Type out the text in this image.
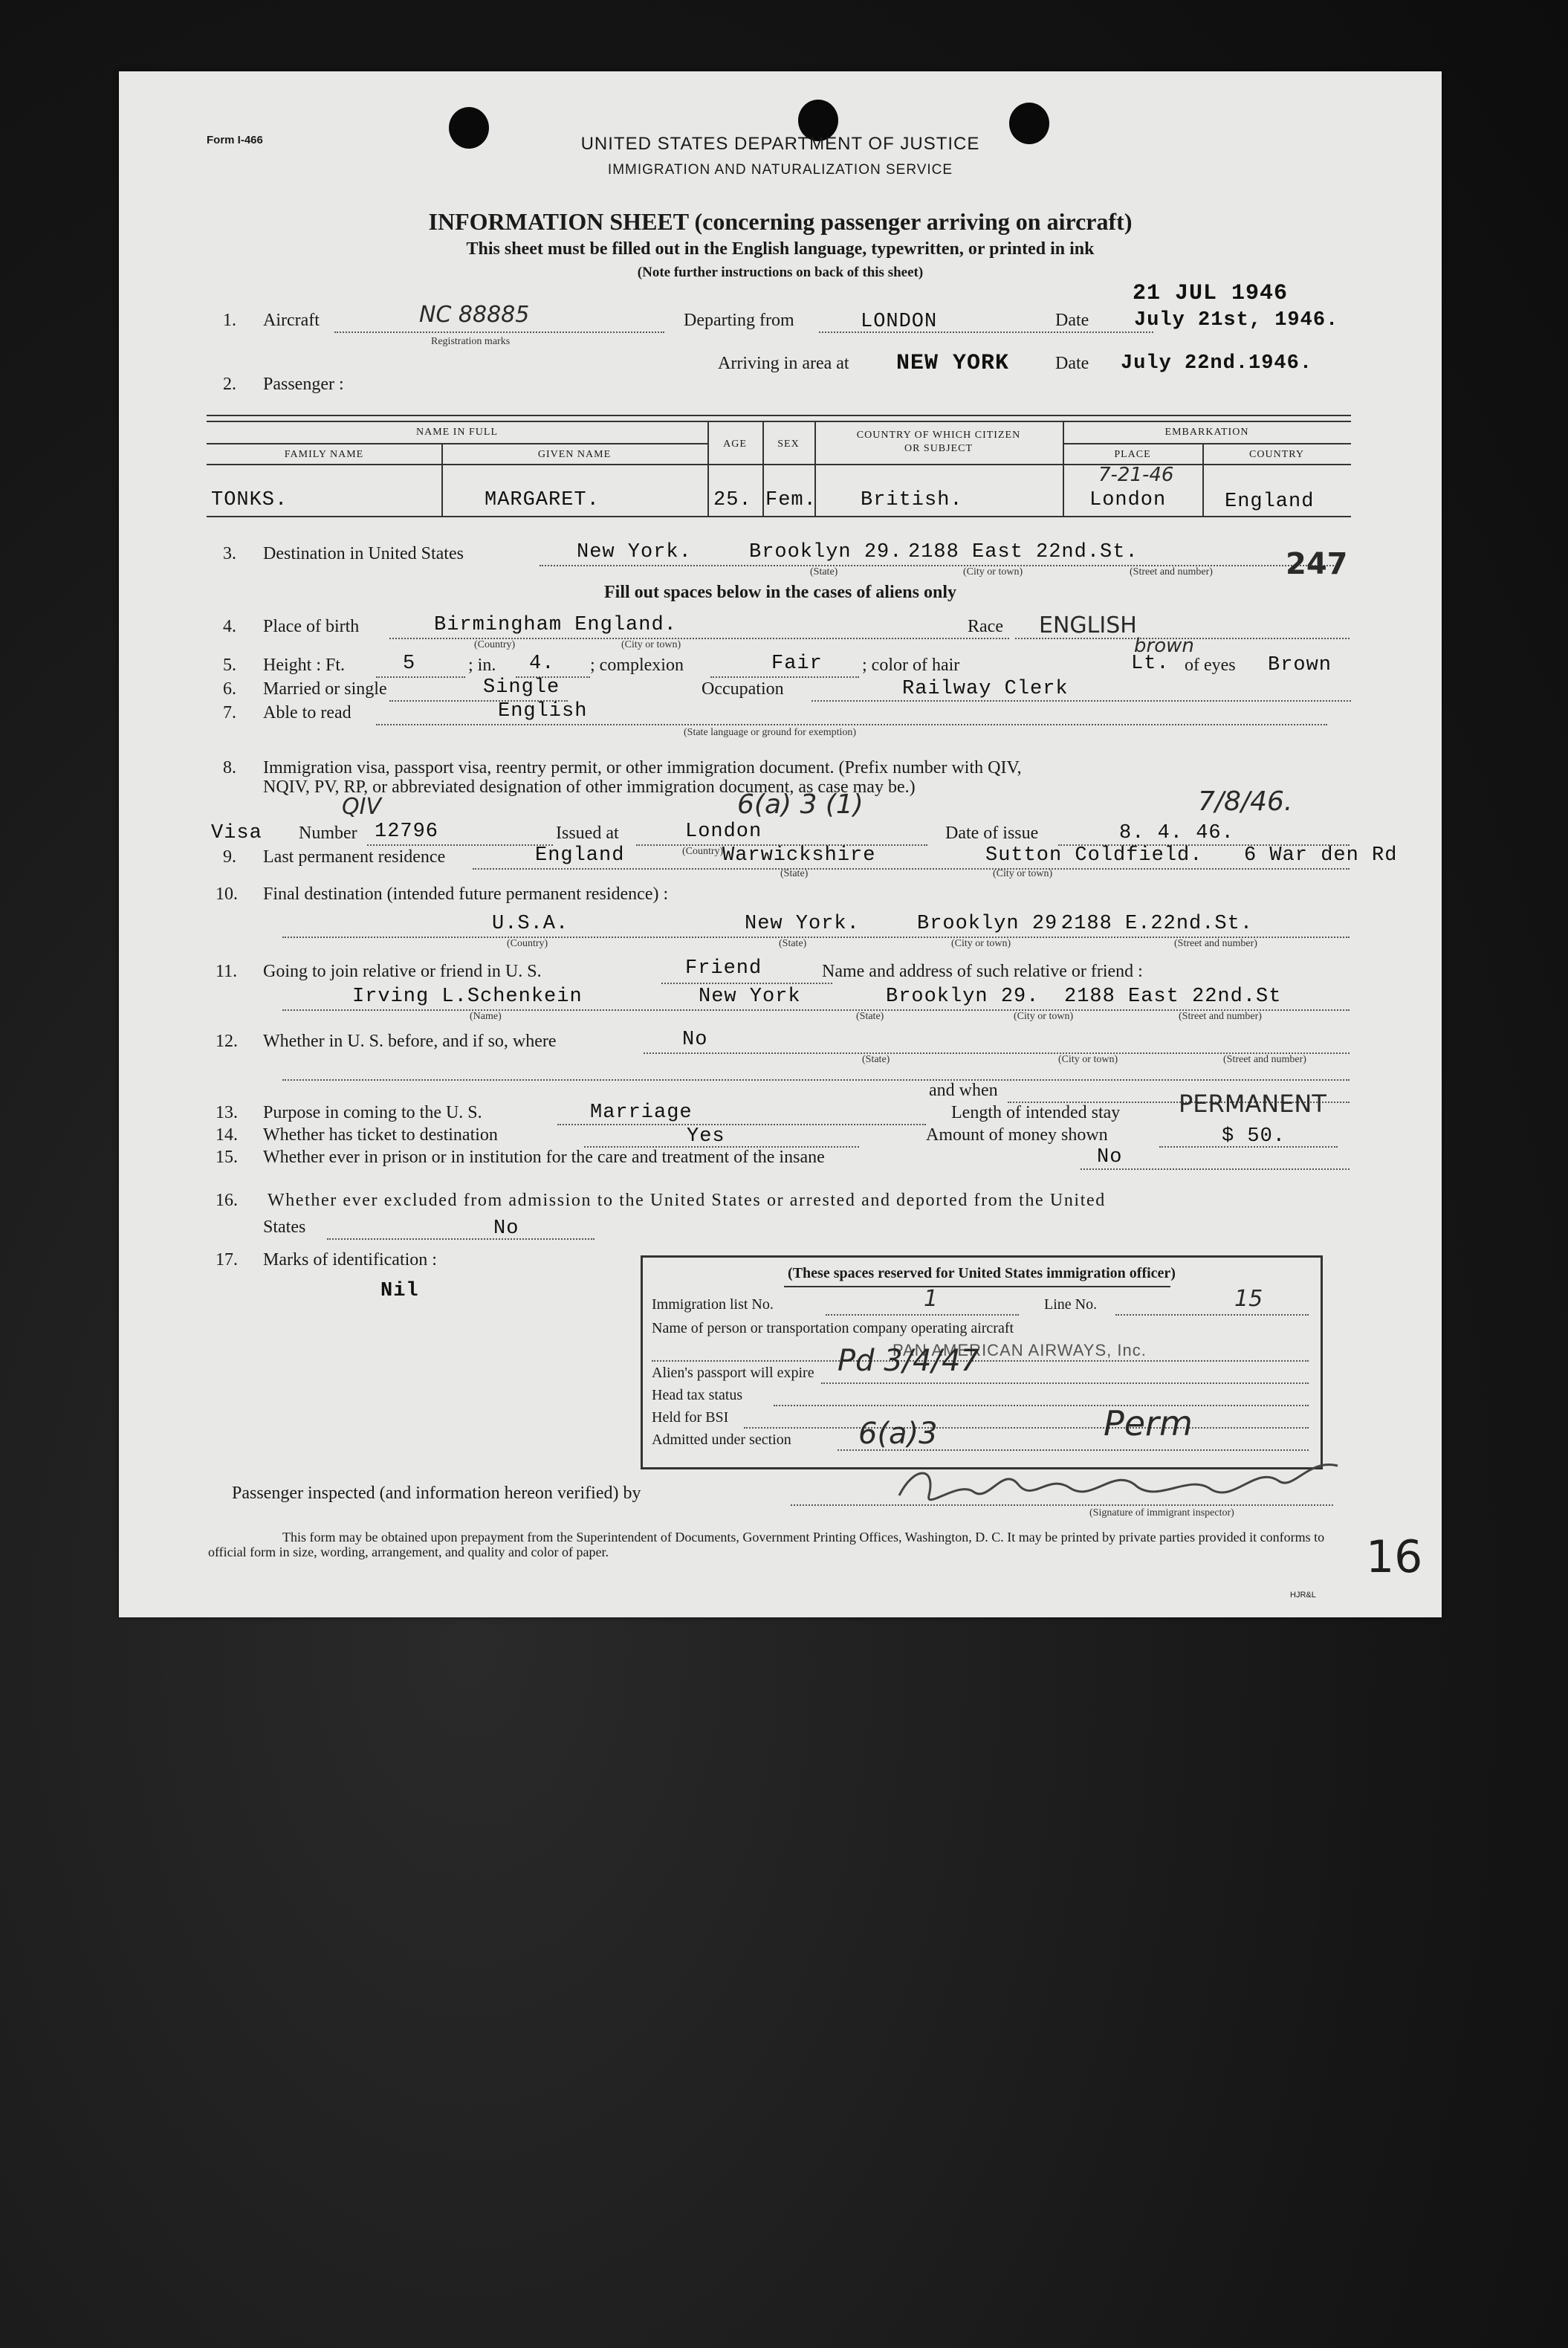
Form I-466	UNITED STATES DEPARTMENT OF JUSTICE
IMMIGRATION AND NATURALIZATION SERVICE
INFORMATION SHEET (concerning passenger arriving on aircraft)
This sheet must be filled out in the English language, typewritten, or printed in ink
(Note further instructions on back of this sheet)
21 JUL 1946
1. Aircraft	NC 88885
Registration marks
Departing from	LONDON	Date July 21st, 1946.
Arriving in area at NEW YORK	Date July 22nd.1946.
2. Passenger :
NAME IN FULL
FAMILY NAME	GIVEN NAME
AGE	SEX
COUNTRY OF WHICH CITIZEN
OR SUBJECT
EMBARKATION
PLACE	COUNTRY
TONKS.	MARGARET.	25. Fem. British.
7-21-46
London	England
3. Destination in United States	New York.	Brooklyn 29. 2188 East 22nd.St.
(State)	(City or town)	(Street and number) 247
Fill out spaces below in the cases of aliens only
4. Place of birth	Birmingham England.
(Country)	(City or town)
Race ENGLISH
brown
5. Height : Ft.	5	; in. 4. ; complexion	Fair ; color of hair	Lt. of eyes Brown
6. Married or single	Single	Occupation	Railway Clerk
7. Able to read	English
(State language or ground for exemption)
8. Immigration visa, passport visa, reentry permit, or other immigration document. (Prefix number with QIV,
NQIV, PV, RP, or abbreviated designation of other immigration document, as case may be.)
QIV	6(a) 3 (1)	7/8/46.
Visa Number 12796	Issued at	London
(Country)
Date of issue	8. 4. 46.
9. Last permanent residence	England	Warwickshire	Sutton Coldfield. 6 War den Rd
(State)	(City or town)
10. Final destination (intended future permanent residence) :
U.S.A.	New York.	Brooklyn 29.
2188 E.22nd.St.
(Country)	(State)	(City or town)	(Street and number)
11. Going to join relative or friend in U. S.	Friend	Name and address of such relative or friend :
Irving L.Schenkein	New York	Brooklyn 29. 2188 East 22nd.St
(Name)	(State)	(City or town)	(Street and number)
12. Whether in U. S. before, and if so, where	No
(State)	(City or town)	(Street and number)
and when
13. Purpose in coming to the U. S.	Marriage	Length of intended stay PERMANENT
14. Whether has ticket to destination	Yes	Amount of money shown	$ 50.
15. Whether ever in prison or in institution for the care and treatment of the insane	No
16. Whether ever excluded from admission to the United States or arrested and deported from the United
States	No
17. Marks of identification :
Nil
(These spaces reserved for United States immigration officer)
Immigration list No.	1	Line No.	15
Name of person or transportation company operating aircraft
PAN AMERICAN AIRWAYS, Inc.
Alien's passport will expire Pd 3/4/47
Head tax status
Held for BSI
Admitted under section 6(a)3	Perm
Passenger inspected (and information hereon verified) by
(Signature of immigrant inspector)
This form may be obtained upon prepayment from the Superintendent of Documents, Government Printing Offices, Washington, D. C. It may be printed by private parties provided it conforms to official form in size, wording, arrangement, and quality and color of paper.
HJR&L
16
